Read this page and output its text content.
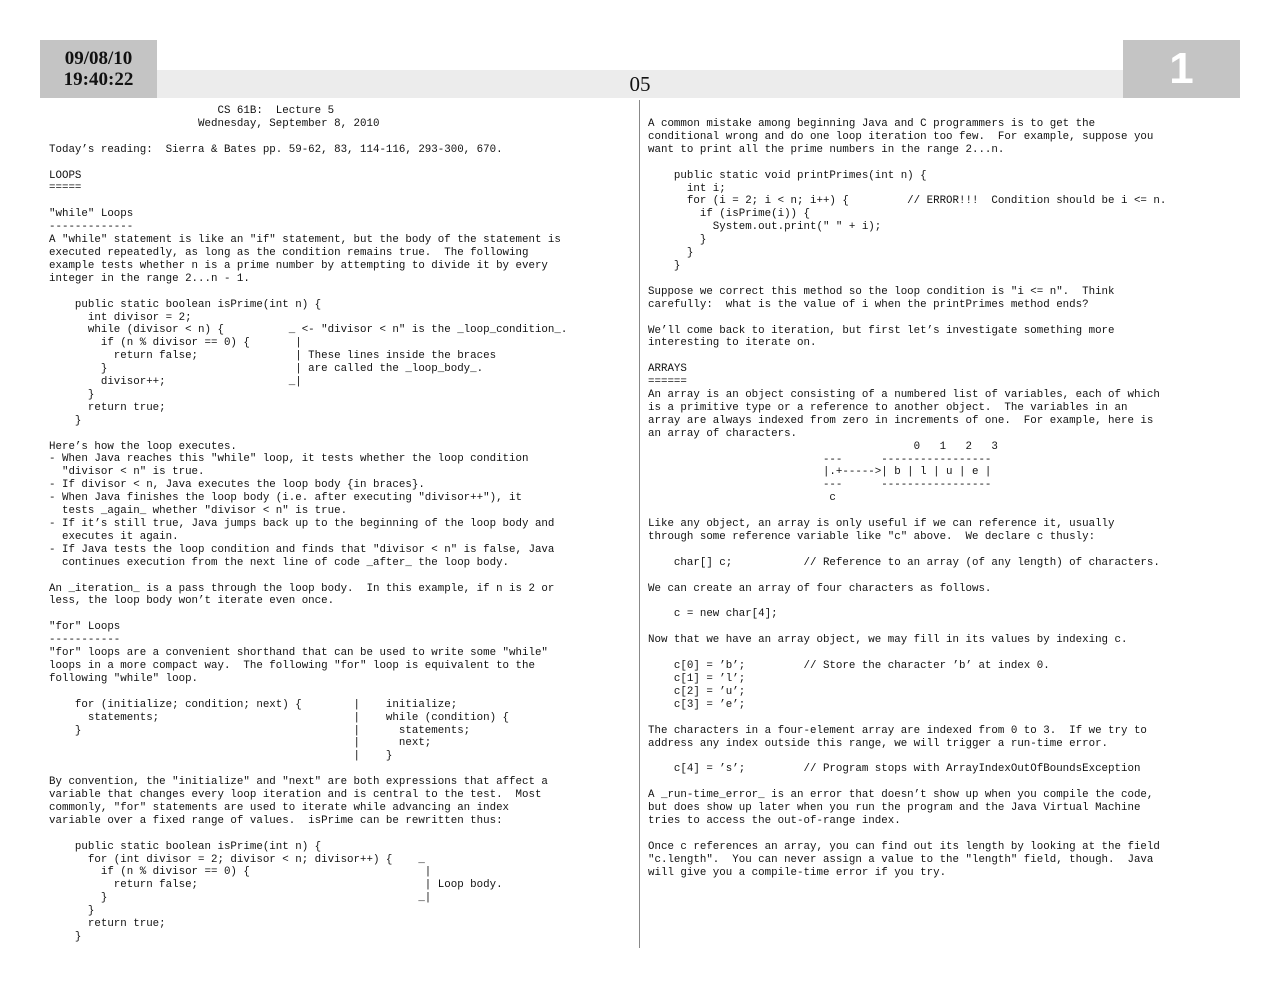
09/08/10
19:40:22	05	1
CS 61B:  Lecture 5
Wednesday, September 8, 2010

Today’s reading:  Sierra & Bates pp. 59-62, 83, 114-116, 293-300, 670.

LOOPS
=====

"while" Loops
-------------
A "while" statement is like an "if" statement, but the body of the statement is
executed repeatedly, as long as the condition remains true.  The following
example tests whether n is a prime number by attempting to divide it by every
integer in the range 2...n - 1.

public static boolean isPrime(int n) {
int divisor = 2;
while (divisor < n) {          _ <- "divisor < n" is the _loop_condition_.
if (n % divisor == 0) {       |
return false;               | These lines inside the braces
}                             | are called the _loop_body_.
divisor++;                   _|
}
return true;
}

Here’s how the loop executes.
- When Java reaches this "while" loop, it tests whether the loop condition
"divisor < n" is true.
- If divisor < n, Java executes the loop body {in braces}.
- When Java finishes the loop body (i.e. after executing "divisor++"), it
tests _again_ whether "divisor < n" is true.
- If it’s still true, Java jumps back up to the beginning of the loop body and
executes it again.
- If Java tests the loop condition and finds that "divisor < n" is false, Java
continues execution from the next line of code _after_ the loop body.

An _iteration_ is a pass through the loop body.  In this example, if n is 2 or
less, the loop body won’t iterate even once.

"for" Loops
-----------
"for" loops are a convenient shorthand that can be used to write some "while"
loops in a more compact way.  The following "for" loop is equivalent to the
following "while" loop.

for (initialize; condition; next) {        |    initialize;
statements;                              |    while (condition) {
}                                          |      statements;
|      next;
|    }

By convention, the "initialize" and "next" are both expressions that affect a
variable that changes every loop iteration and is central to the test.  Most
commonly, "for" statements are used to iterate while advancing an index
variable over a fixed range of values.  isPrime can be rewritten thus:

public static boolean isPrime(int n) {
for (int divisor = 2; divisor < n; divisor++) {    _
if (n % divisor == 0) {                           |
return false;                                   | Loop body.
}                                                _|
}
return true;
}
A common mistake among beginning Java and C programmers is to get the
conditional wrong and do one loop iteration too few.  For example, suppose you
want to print all the prime numbers in the range 2...n.

public static void printPrimes(int n) {
int i;
for (i = 2; i < n; i++) {         // ERROR!!!  Condition should be i <= n.
if (isPrime(i)) {
System.out.print(" " + i);
}
}
}

Suppose we correct this method so the loop condition is "i <= n".  Think
carefully:  what is the value of i when the printPrimes method ends?

We’ll come back to iteration, but first let’s investigate something more
interesting to iterate on.

ARRAYS
======
An array is an object consisting of a numbered list of variables, each of which
is a primitive type or a reference to another object.  The variables in an
array are always indexed from zero in increments of one.  For example, here is
an array of characters.
0   1   2   3
---      -----------------
|.+----->| b | l | u | e |
---      -----------------
c

Like any object, an array is only useful if we can reference it, usually
through some reference variable like "c" above.  We declare c thusly:

char[] c;           // Reference to an array (of any length) of characters.

We can create an array of four characters as follows.

c = new char[4];

Now that we have an array object, we may fill in its values by indexing c.

c[0] = ’b’;         // Store the character ’b’ at index 0.
c[1] = ’l’;
c[2] = ’u’;
c[3] = ’e’;

The characters in a four-element array are indexed from 0 to 3.  If we try to
address any index outside this range, we will trigger a run-time error.

c[4] = ’s’;         // Program stops with ArrayIndexOutOfBoundsException

A _run-time_error_ is an error that doesn’t show up when you compile the code,
but does show up later when you run the program and the Java Virtual Machine
tries to access the out-of-range index.

Once c references an array, you can find out its length by looking at the field
"c.length".  You can never assign a value to the "length" field, though.  Java
will give you a compile-time error if you try.
